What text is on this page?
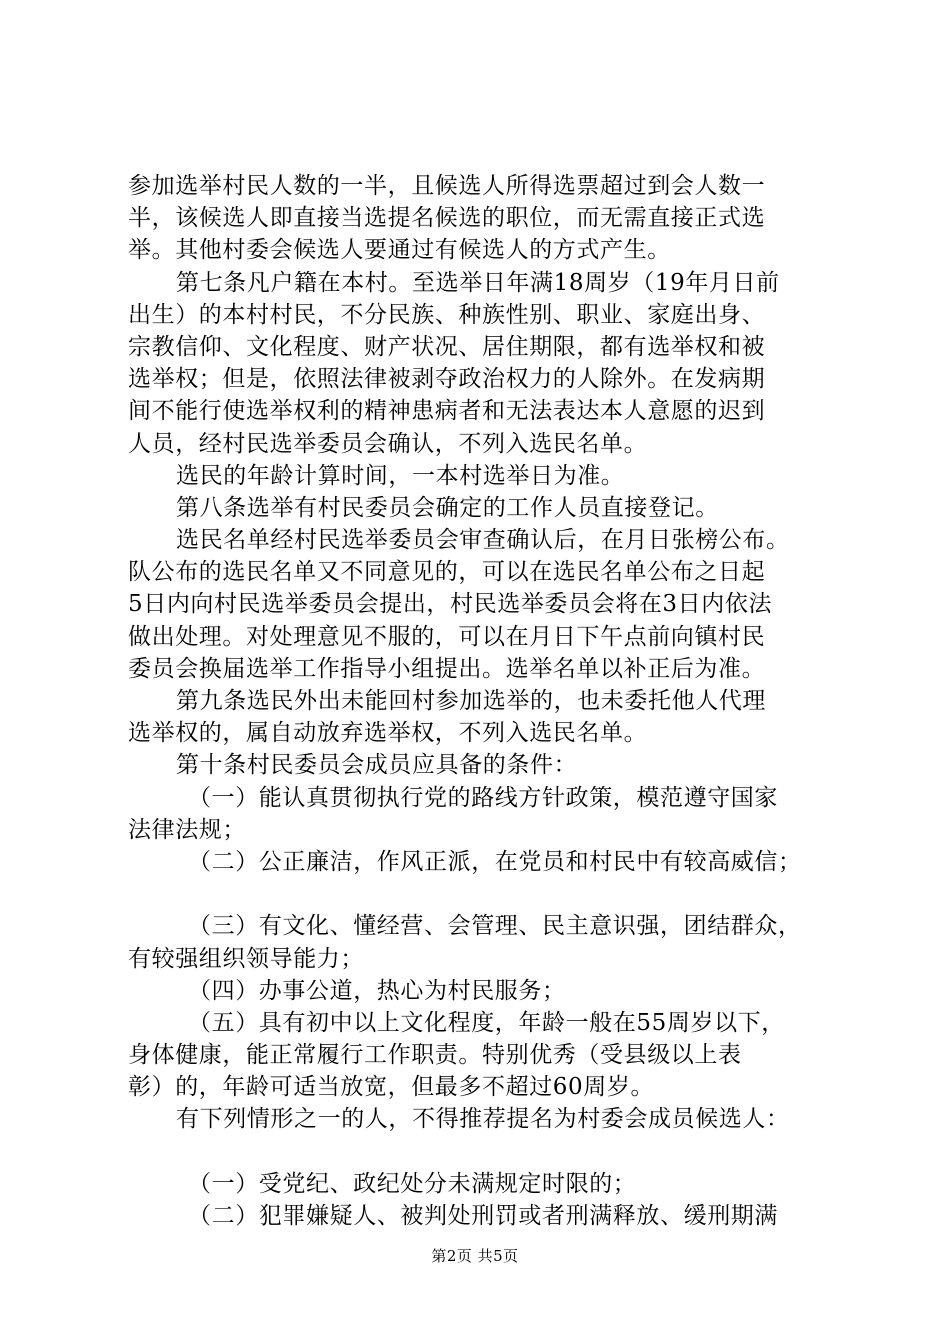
参加选举村民人数的一半，且候选人所得选票超过到会人数一
半，该候选人即直接当选提名候选的职位，而无需直接正式选
举。其他村委会候选人要通过有候选人的方式产生。
第七条凡户籍在本村。至选举日年满18周岁（19年月日前
出生）的本村村民，不分民族、种族性别、职业、家庭出身、
宗教信仰、文化程度、财产状况、居住期限，都有选举权和被
选举权；但是，依照法律被剥夺政治权力的人除外。在发病期
间不能行使选举权利的精神患病者和无法表达本人意愿的迟到
人员，经村民选举委员会确认，不列入选民名单。
选民的年龄计算时间，一本村选举日为准。
第八条选举有村民委员会确定的工作人员直接登记。
选民名单经村民选举委员会审查确认后，在月日张榜公布。
队公布的选民名单又不同意见的，可以在选民名单公布之日起
5日内向村民选举委员会提出，村民选举委员会将在3日内依法
做出处理。对处理意见不服的，可以在月日下午点前向镇村民
委员会换届选举工作指导小组提出。选举名单以补正后为准。
第九条选民外出未能回村参加选举的，也未委托他人代理
选举权的，属自动放弃选举权，不列入选民名单。
第十条村民委员会成员应具备的条件：
（一）能认真贯彻执行党的路线方针政策，模范遵守国家
法律法规；
（二）公正廉洁，作风正派，在党员和村民中有较高威信；
（三）有文化、懂经营、会管理、民主意识强，团结群众，
有较强组织领导能力；
（四）办事公道，热心为村民服务；
（五）具有初中以上文化程度，年龄一般在55周岁以下，
身体健康，能正常履行工作职责。特别优秀（受县级以上表
彰）的，年龄可适当放宽，但最多不超过60周岁。
有下列情形之一的人，不得推荐提名为村委会成员候选人：
（一）受党纪、政纪处分未满规定时限的；
（二）犯罪嫌疑人、被判处刑罚或者刑满释放、缓刑期满
第2页 共5页
